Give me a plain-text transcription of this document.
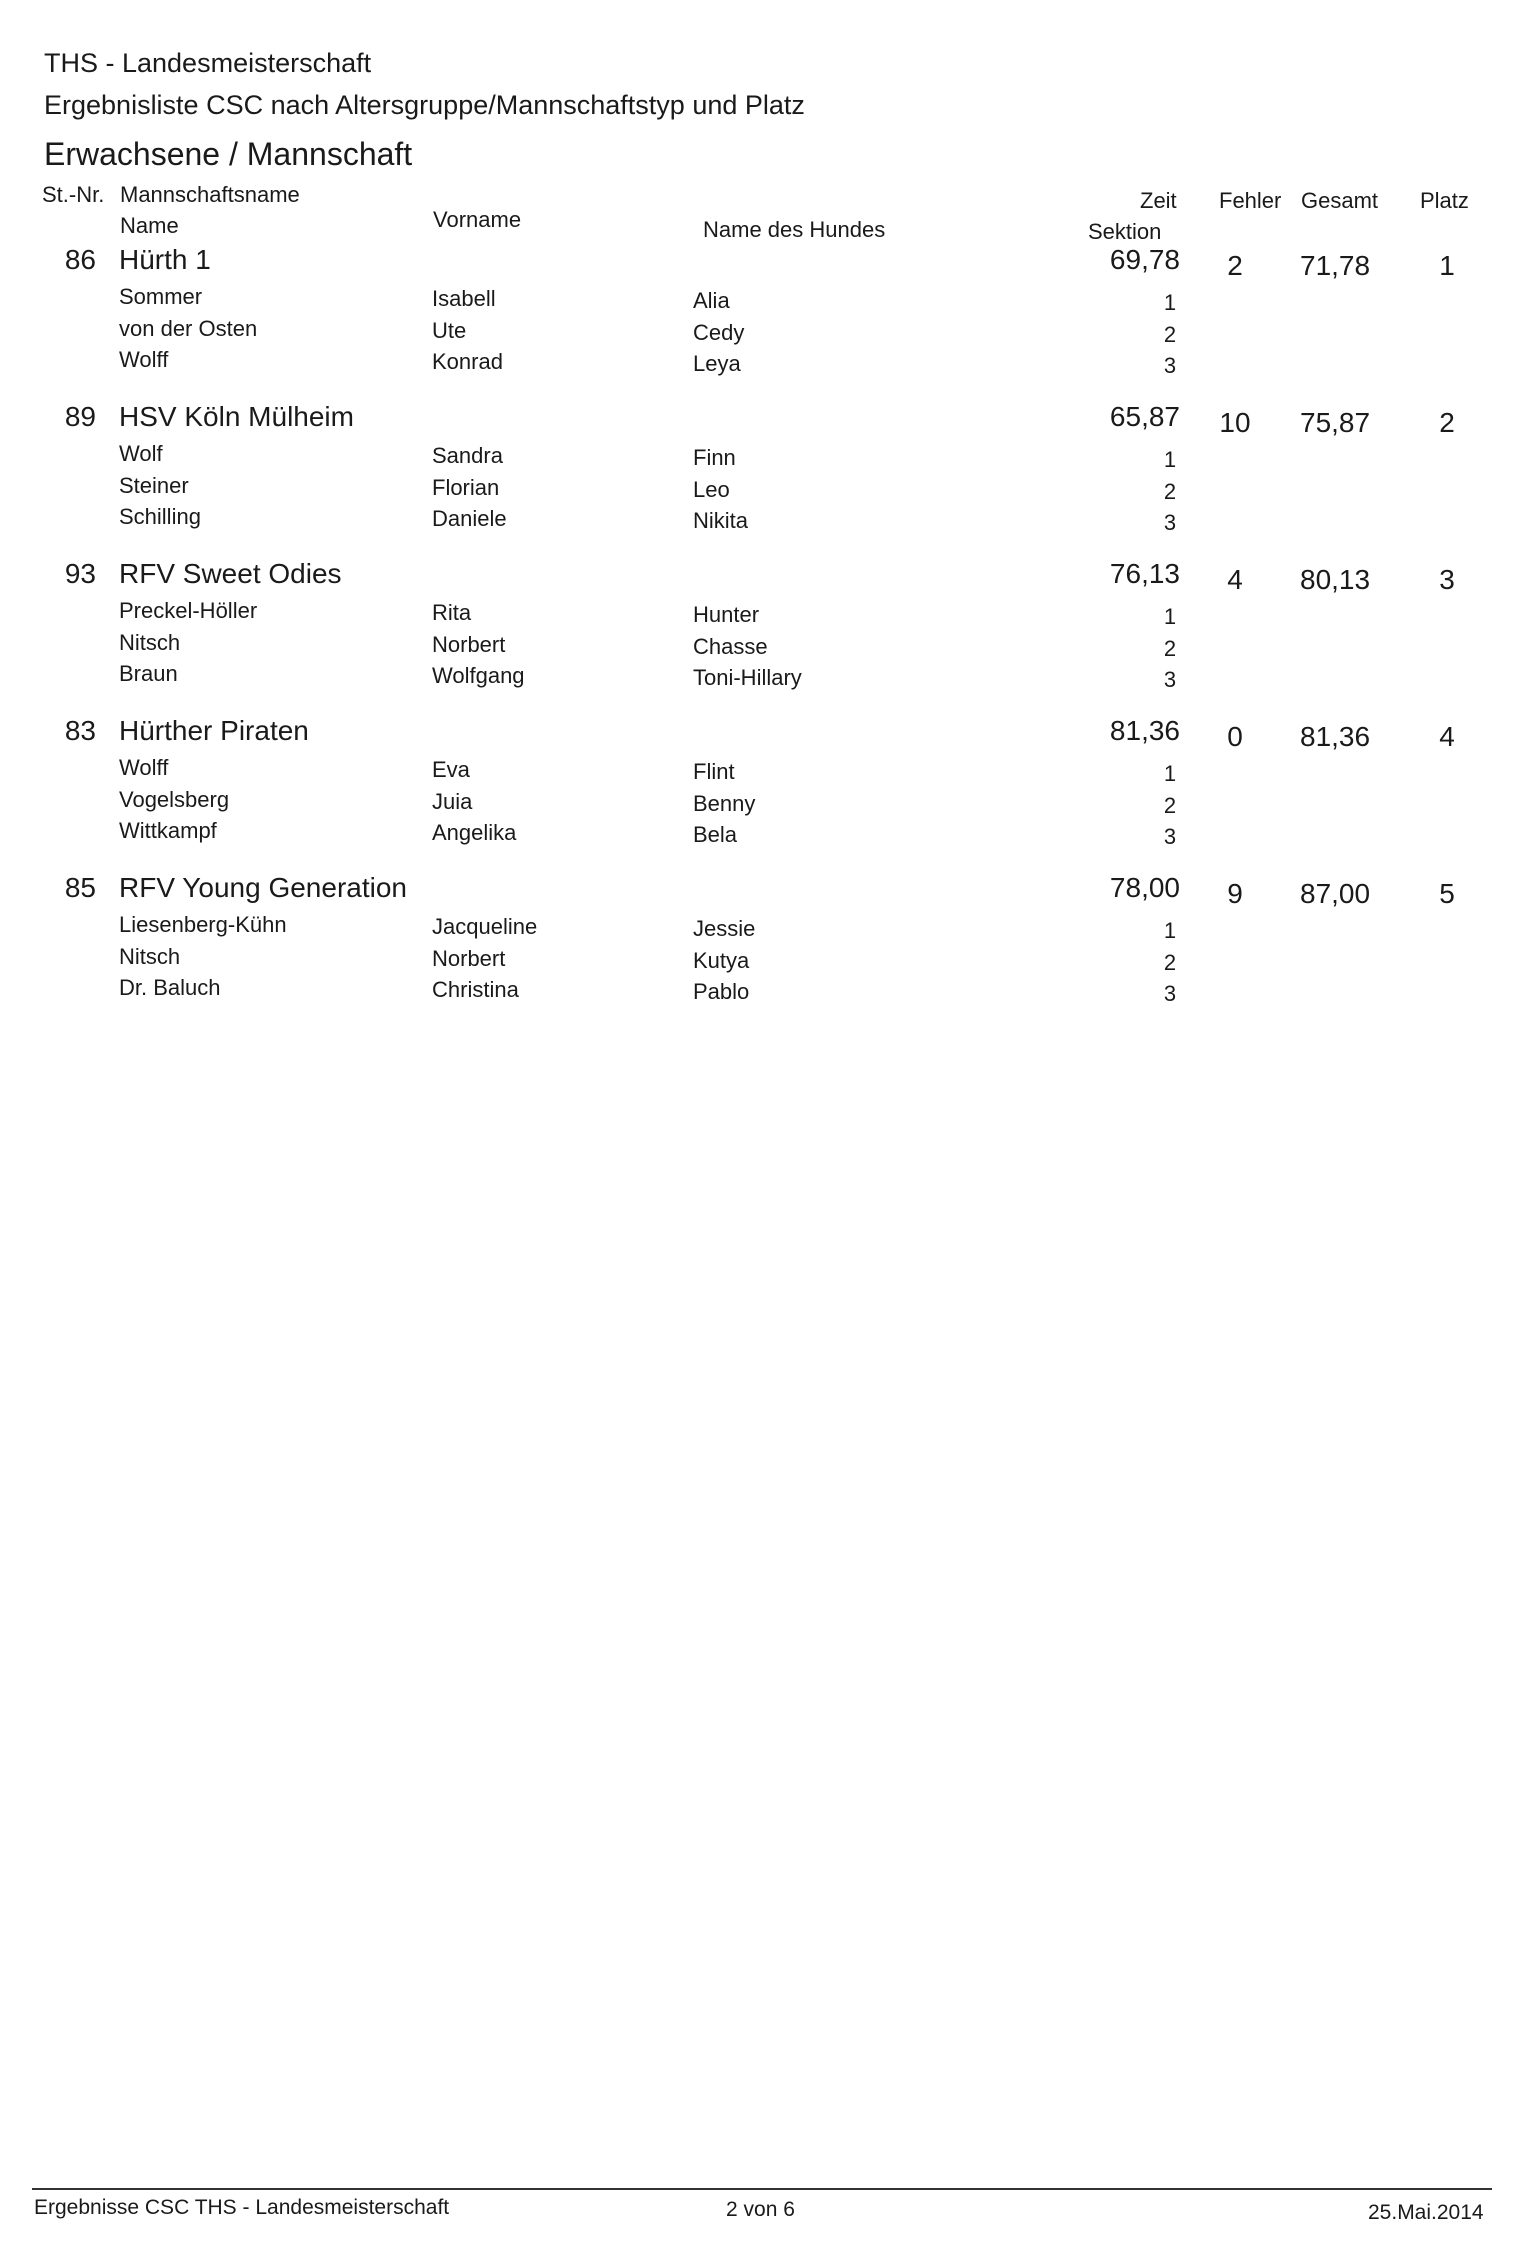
THS - Landesmeisterschaft
Ergebnisliste CSC nach Altersgruppe/Mannschaftstyp und Platz
Erwachsene / Mannschaft
St.-Nr. Mannschaftsname
Name	Vorname	Name des Hundes
Zeit
Sektion
Fehler Gesamt Platz
86 Hürth 1	69,78	2	71,78	1
Sommer	Isabell	Alia	1
von der Osten	Ute	Cedy	2
Wolff	Konrad	Leya	3
89 HSV Köln Mülheim	65,87	10	75,87	2
Wolf	Sandra	Finn	1
Steiner	Florian	Leo	2
Schilling	Daniele	Nikita	3
93 RFV Sweet Odies	76,13	4	80,13	3
Preckel-Höller	Rita	Hunter	1
Nitsch	Norbert	Chasse	2
Braun	Wolfgang	Toni-Hillary	3
83 Hürther Piraten	81,36	0	81,36	4
Wolff	Eva	Flint	1
Vogelsberg	Juia	Benny	2
Wittkampf	Angelika	Bela	3
85 RFV Young Generation	78,00	9	87,00	5
Liesenberg-Kühn	Jacqueline	Jessie	1
Nitsch	Norbert	Kutya	2
Dr. Baluch	Christina	Pablo	3
Ergebnisse CSC THS - Landesmeisterschaft	2 von 6	25.Mai.2014
